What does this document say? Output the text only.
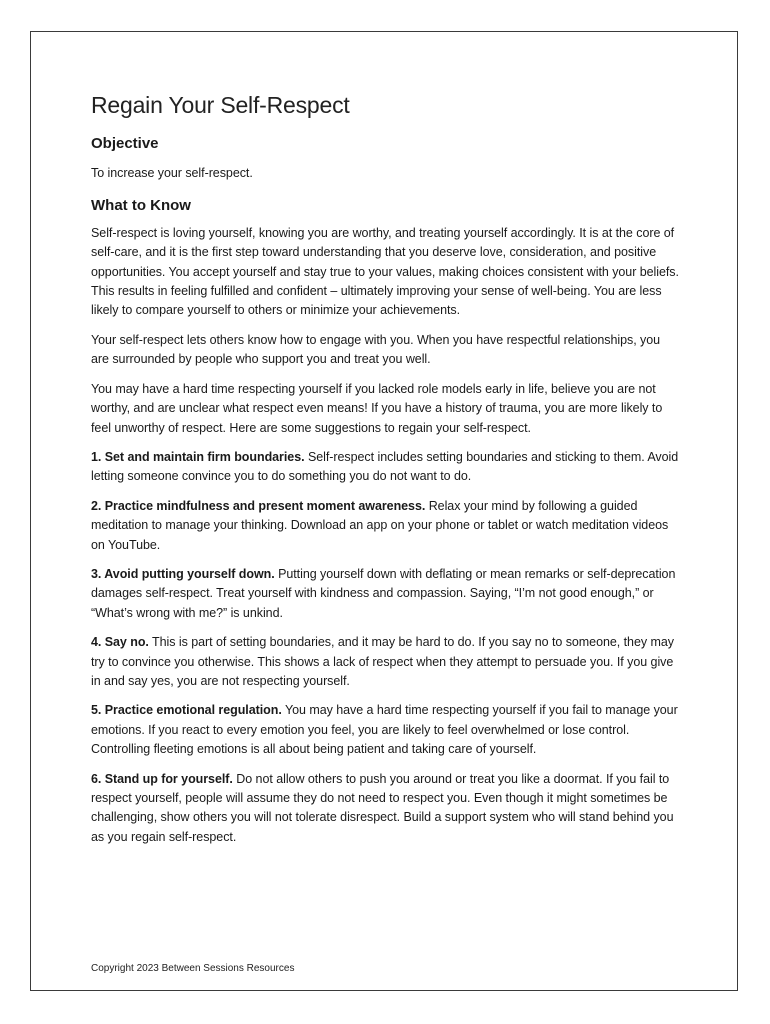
Regain Your Self-Respect
Objective

To increase your self-respect.

What to Know

Self-respect is loving yourself, knowing you are worthy, and treating yourself accordingly. It is at the core of self-care, and it is the first step toward understanding that you deserve love, consideration, and positive opportunities. You accept yourself and stay true to your values, making choices consistent with your beliefs. This results in feeling fulfilled and confident – ultimately improving your sense of well-being. You are less likely to compare yourself to others or minimize your achievements.

Your self-respect lets others know how to engage with you. When you have respectful relationships, you are surrounded by people who support you and treat you well.

You may have a hard time respecting yourself if you lacked role models early in life, believe you are not worthy, and are unclear what respect even means! If you have a history of trauma, you are more likely to feel unworthy of respect. Here are some suggestions to regain your self-respect.

1. Set and maintain firm boundaries. Self-respect includes setting boundaries and sticking to them. Avoid letting someone convince you to do something you do not want to do.

2. Practice mindfulness and present moment awareness. Relax your mind by following a guided meditation to manage your thinking. Download an app on your phone or tablet or watch meditation videos on YouTube.

3. Avoid putting yourself down. Putting yourself down with deflating or mean remarks or self-deprecation damages self-respect. Treat yourself with kindness and compassion. Saying, “I’m not good enough,” or “What’s wrong with me?” is unkind.

4. Say no. This is part of setting boundaries, and it may be hard to do. If you say no to someone, they may try to convince you otherwise. This shows a lack of respect when they attempt to persuade you. If you give in and say yes, you are not respecting yourself.

5. Practice emotional regulation. You may have a hard time respecting yourself if you fail to manage your emotions. If you react to every emotion you feel, you are likely to feel overwhelmed or lose control. Controlling fleeting emotions is all about being patient and taking care of yourself.

6. Stand up for yourself. Do not allow others to push you around or treat you like a doormat. If you fail to respect yourself, people will assume they do not need to respect you. Even though it might sometimes be challenging, show others you will not tolerate disrespect. Build a support system who will stand behind you as you regain self-respect.

Copyright 2023 Between Sessions Resources
